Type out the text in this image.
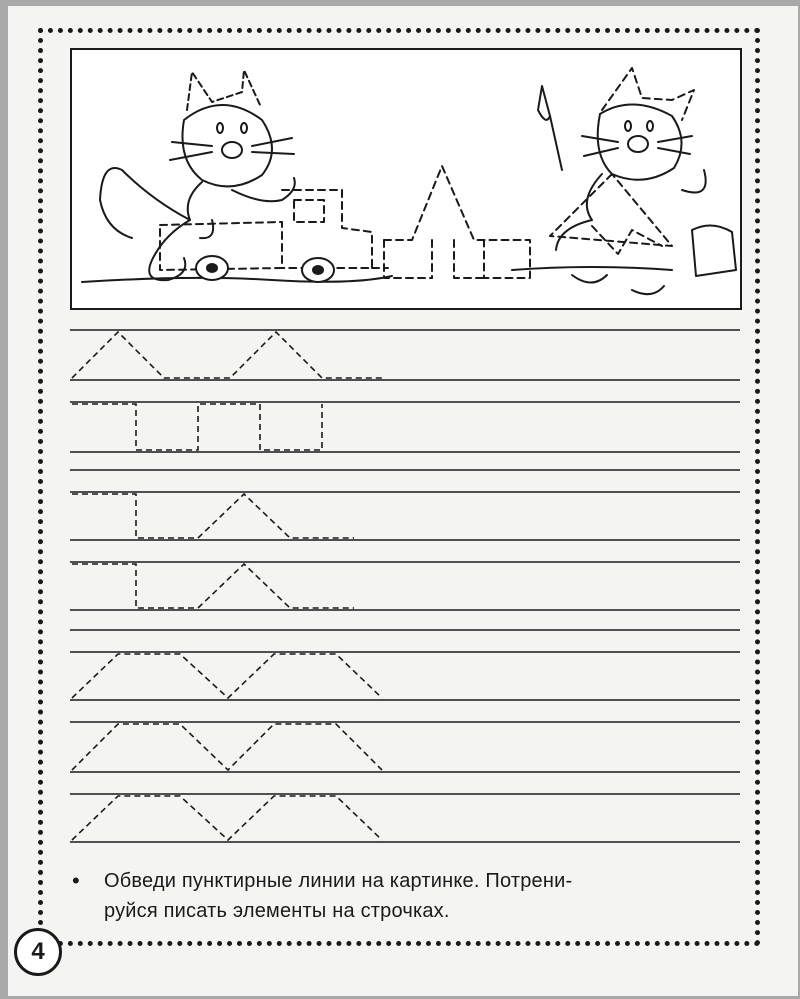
• Обведи пунктирные линии на картинке. Потрени-
руйся писать элементы на строчках.
4
